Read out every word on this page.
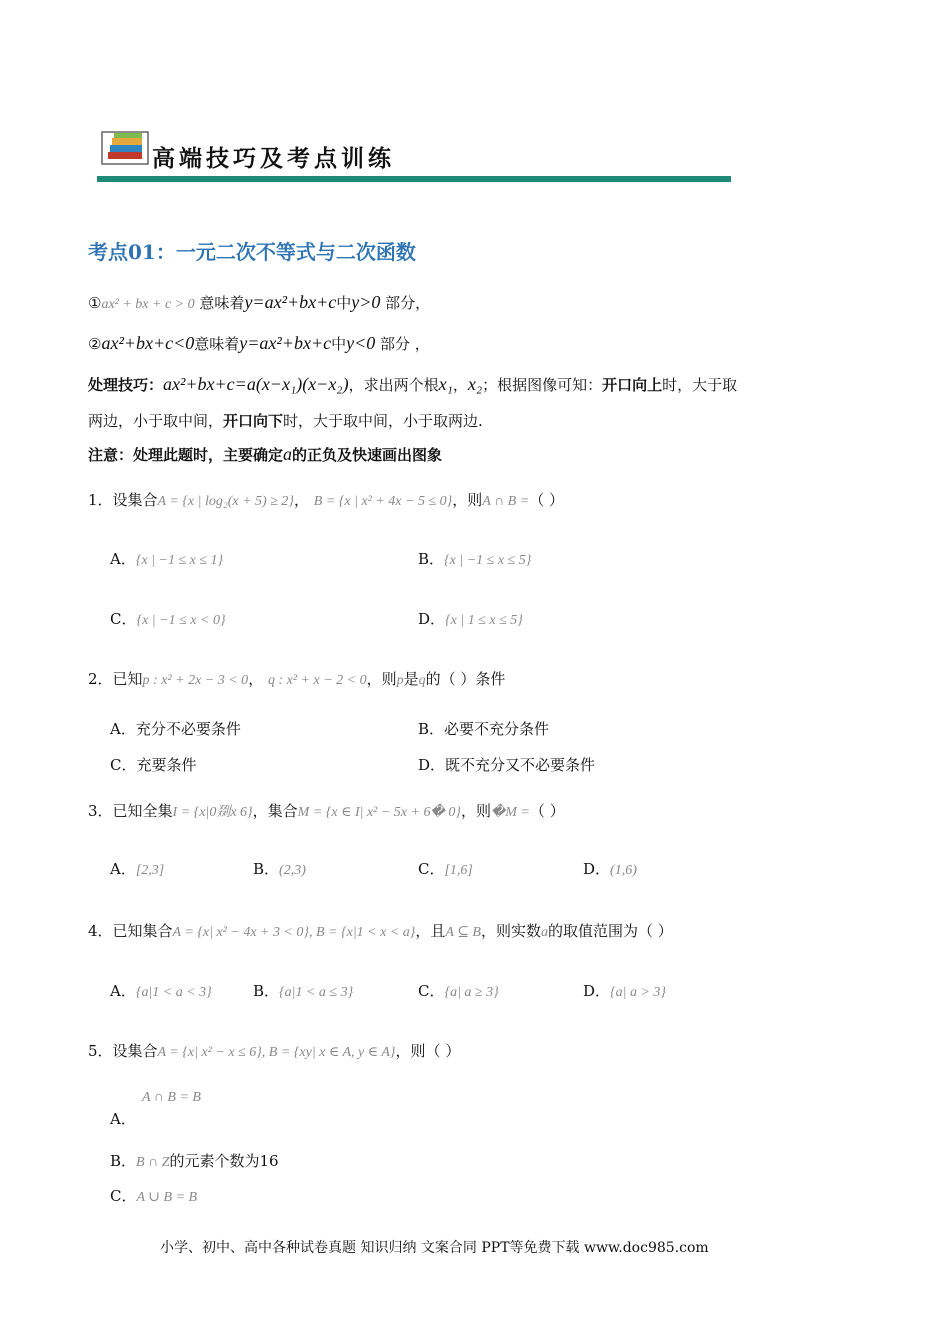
高端技巧及考点训练
考点01：一元二次不等式与二次函数
①ax² + bx + c > 0 意味着y=ax²+bx+c中y>0 部分，
②ax²+bx+c<0意味着y=ax²+bx+c中y<0 部分 ，
处理技巧：ax²+bx+c=a(x−x₁)(x−x₂)，求出两个根x₁，x₂；根据图像可知：开口向上时，大于取
两边，小于取中间，开口向下时，大于取中间，小于取两边.
注意：处理此题时，主要确定a的正负及快速画出图象
1．设集合A = {x | log₂(x + 5) ≥ 2}， B = {x | x² + 4x − 5 ≤ 0}，则A ∩ B =（ ）
A．{x | −1 ≤ x ≤ 1}	B．{x | −1 ≤ x ≤ 5}
C．{x | −1 ≤ x < 0}	D．{x | 1 ≤ x ≤ 5}
2．已知p : x² + 2x − 3 < 0， q : x² + x − 2 < 0，则p是q的（ ）条件
A．充分不必要条件	B．必要不充分条件
C．充要条件	D．既不充分又不必要条件
3．已知全集I = {x|0剟x 6}，集合M = {x ∈ I| x² − 5x + 6� 0}，则�M =（ ）
A．[2,3]	B．(2,3)	C．[1,6]	D．(1,6)
4．已知集合A = {x| x² − 4x + 3 < 0}, B = {x|1 < x < a}，且A ⊆ B，则实数a的取值范围为（ ）
A．{a|1 < a < 3}	B．{a|1 < a ≤ 3}	C．{a| a ≥ 3}	D．{a| a > 3}
5．设集合A = {x| x² − x ≤ 6}, B = {xy| x ∈ A, y ∈ A}，则（ ）
A ∩ B = B
A．
B．B ∩ Z的元素个数为16
C．A ∪ B = B
小学、初中、高中各种试卷真题 知识归纳 文案合同 PPT等免费下载 www.doc985.com
